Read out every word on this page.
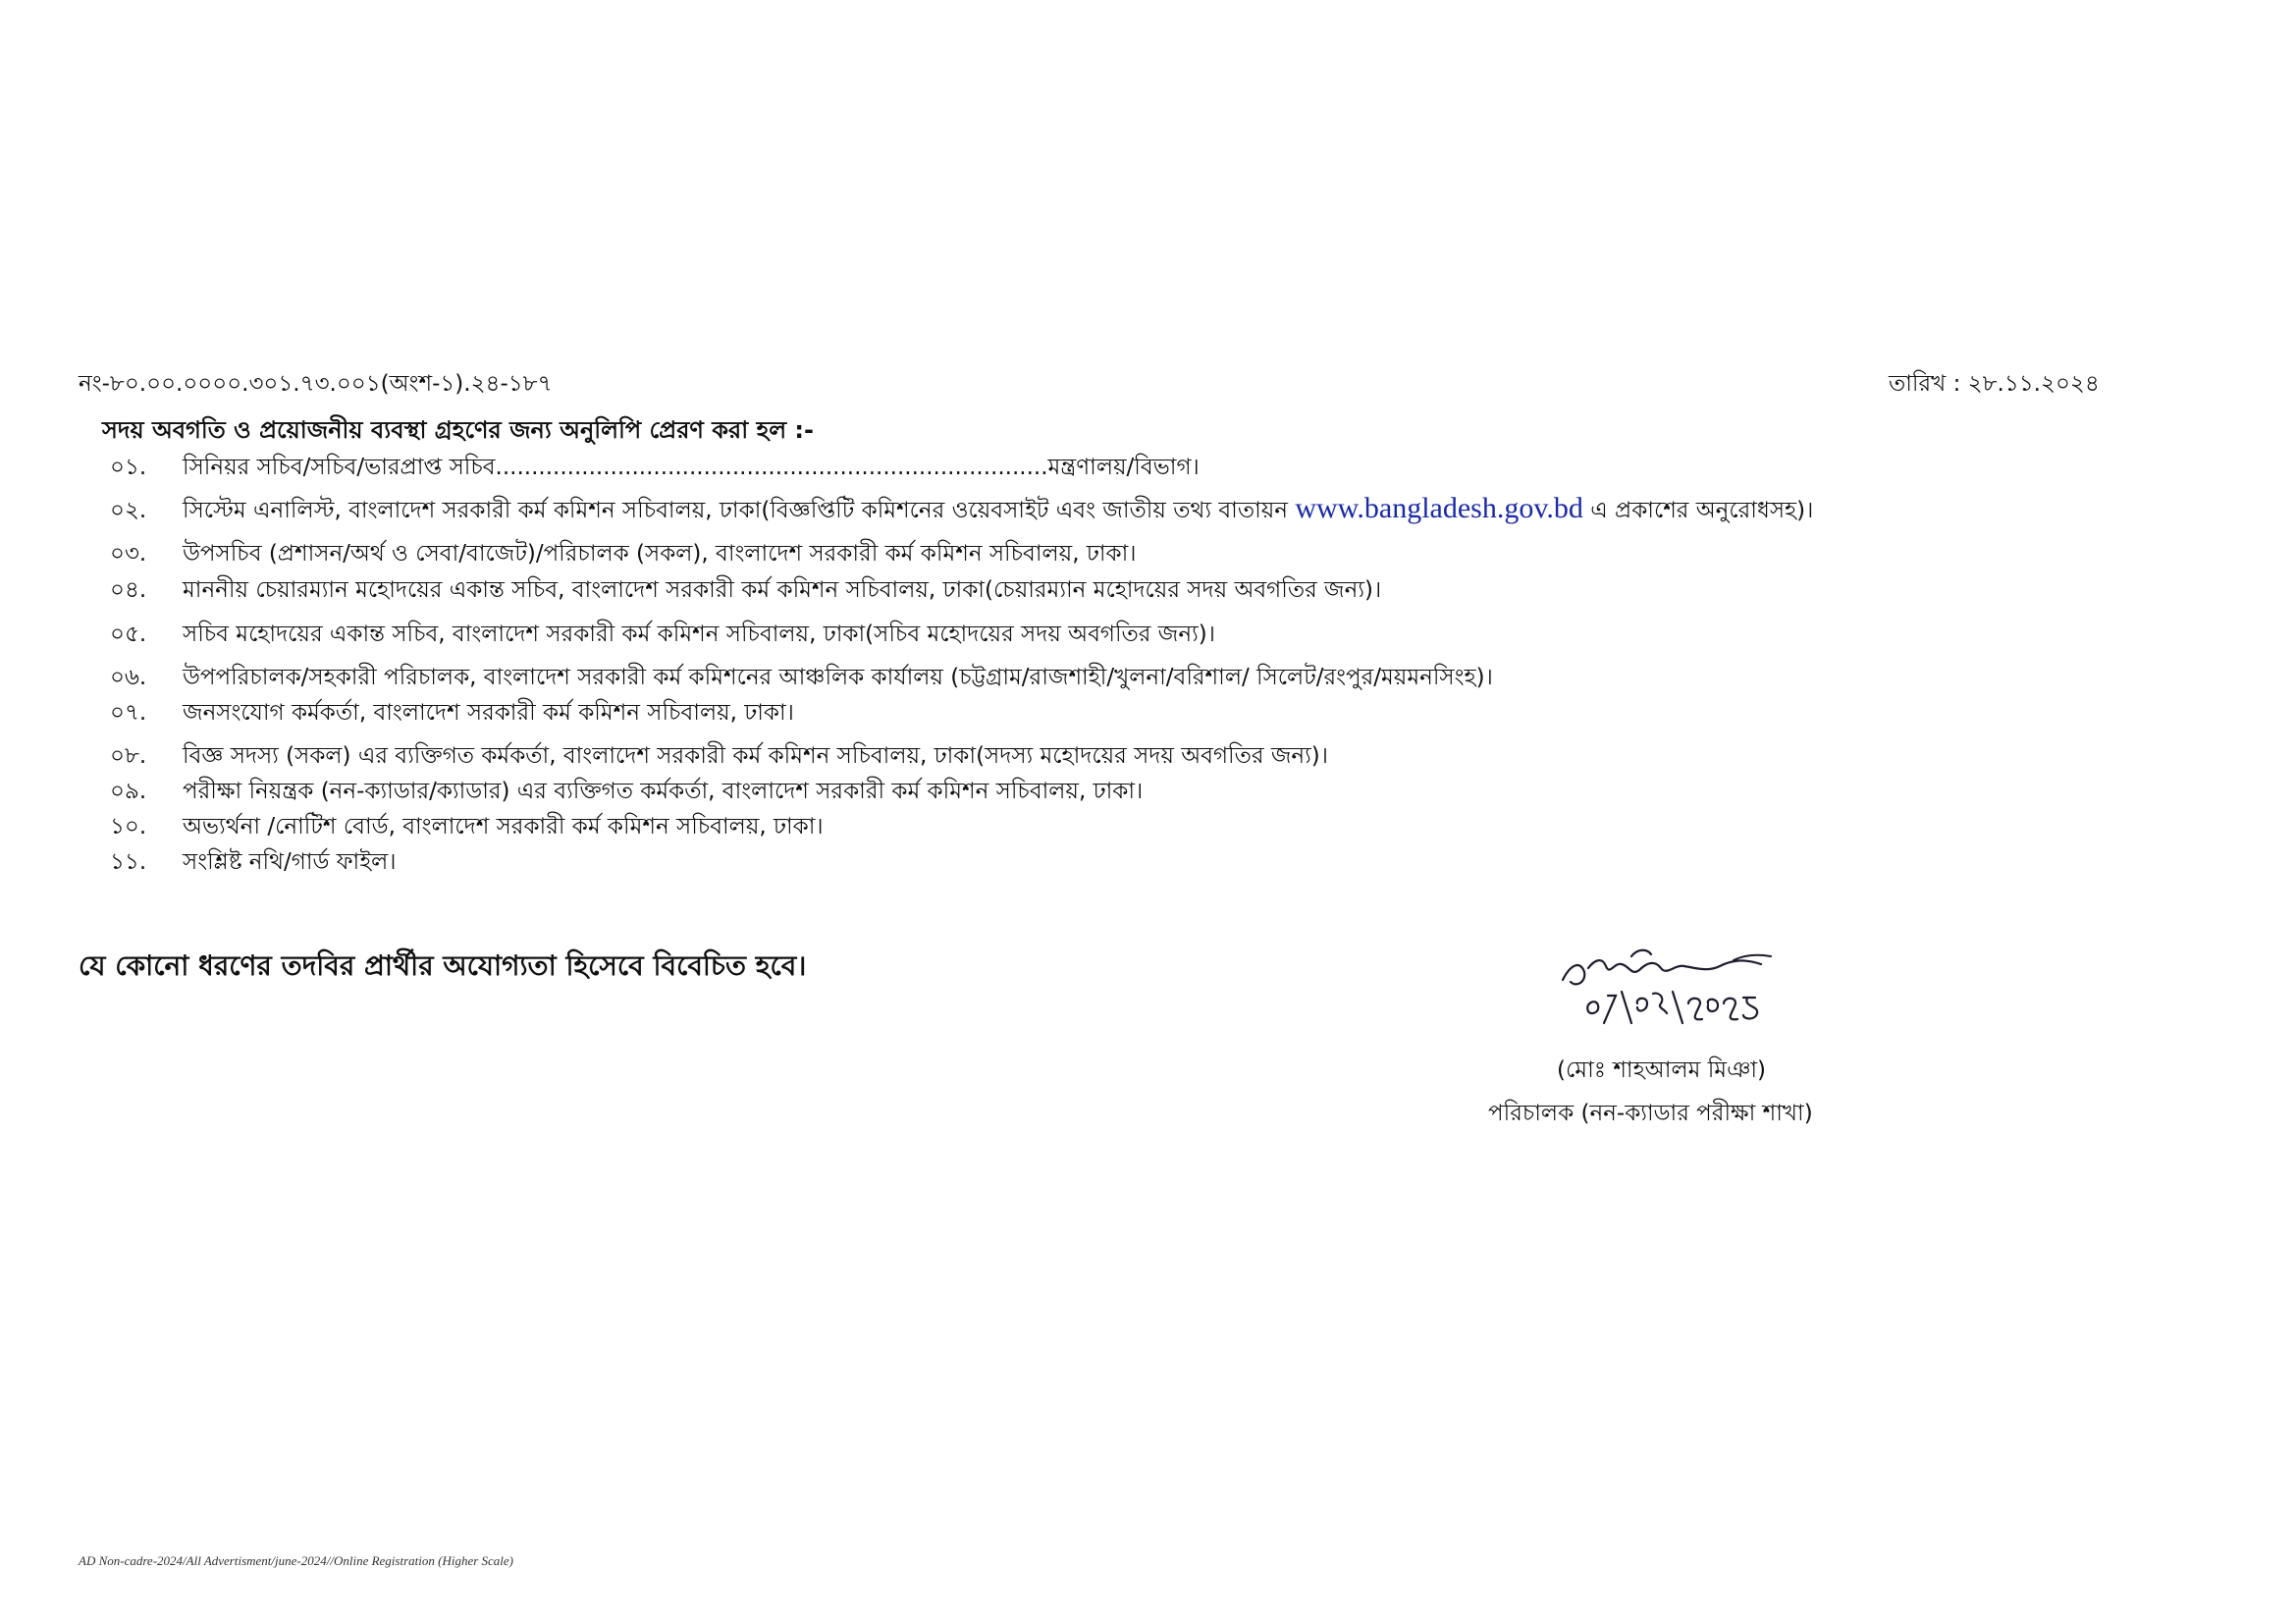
নং-৮০.০০.০০০০.৩০১.৭৩.০০১(অংশ-১).২৪-১৮৭	তারিখ : ২৮.১১.২০২৪
সদয় অবগতি ও প্রয়োজনীয় ব্যবস্থা গ্রহণের জন্য অনুলিপি প্রেরণ করা হল :-
০১. সিনিয়র সচিব/সচিব/ভারপ্রাপ্ত সচিব.............................................................................মন্ত্রণালয়/বিভাগ।
০২. সিস্টেম এনালিস্ট, বাংলাদেশ সরকারী কর্ম কমিশন সচিবালয়, ঢাকা(বিজ্ঞপ্তিটি কমিশনের ওয়েবসাইট এবং জাতীয় তথ্য বাতায়ন www.bangladesh.gov.bd এ প্রকাশের অনুরোধসহ)।
০৩. উপসচিব (প্রশাসন/অর্থ ও সেবা/বাজেট)/পরিচালক (সকল), বাংলাদেশ সরকারী কর্ম কমিশন সচিবালয়, ঢাকা।
০৪. মাননীয় চেয়ারম্যান মহোদয়ের একান্ত সচিব, বাংলাদেশ সরকারী কর্ম কমিশন সচিবালয়, ঢাকা(চেয়ারম্যান মহোদয়ের সদয় অবগতির জন্য)।
০৫. সচিব মহোদয়ের একান্ত সচিব, বাংলাদেশ সরকারী কর্ম কমিশন সচিবালয়, ঢাকা(সচিব মহোদয়ের সদয় অবগতির জন্য)।
০৬. উপপরিচালক/সহকারী পরিচালক, বাংলাদেশ সরকারী কর্ম কমিশনের আঞ্চলিক কার্যালয় (চট্টগ্রাম/রাজশাহী/খুলনা/বরিশাল/ সিলেট/রংপুর/ময়মনসিংহ)।
০৭. জনসংযোগ কর্মকর্তা, বাংলাদেশ সরকারী কর্ম কমিশন সচিবালয়, ঢাকা।
০৮. বিজ্ঞ সদস্য (সকল) এর ব্যক্তিগত কর্মকর্তা, বাংলাদেশ সরকারী কর্ম কমিশন সচিবালয়, ঢাকা(সদস্য মহোদয়ের সদয় অবগতির জন্য)।
০৯. পরীক্ষা নিয়ন্ত্রক (নন-ক্যাডার/ক্যাডার) এর ব্যক্তিগত কর্মকর্তা, বাংলাদেশ সরকারী কর্ম কমিশন সচিবালয়, ঢাকা।
১০. অভ্যর্থনা /নোটিশ বোর্ড, বাংলাদেশ সরকারী কর্ম কমিশন সচিবালয়, ঢাকা।
১১. সংশ্লিষ্ট নথি/গার্ড ফাইল।
যে কোনো ধরণের তদবির প্রার্থীর অযোগ্যতা হিসেবে বিবেচিত হবে।
(মোঃ শাহআলম মিঞা)
পরিচালক (নন-ক্যাডার পরীক্ষা শাখা)
AD Non-cadre-2024/All Advertisment/june-2024//Online Registration (Higher Scale)
